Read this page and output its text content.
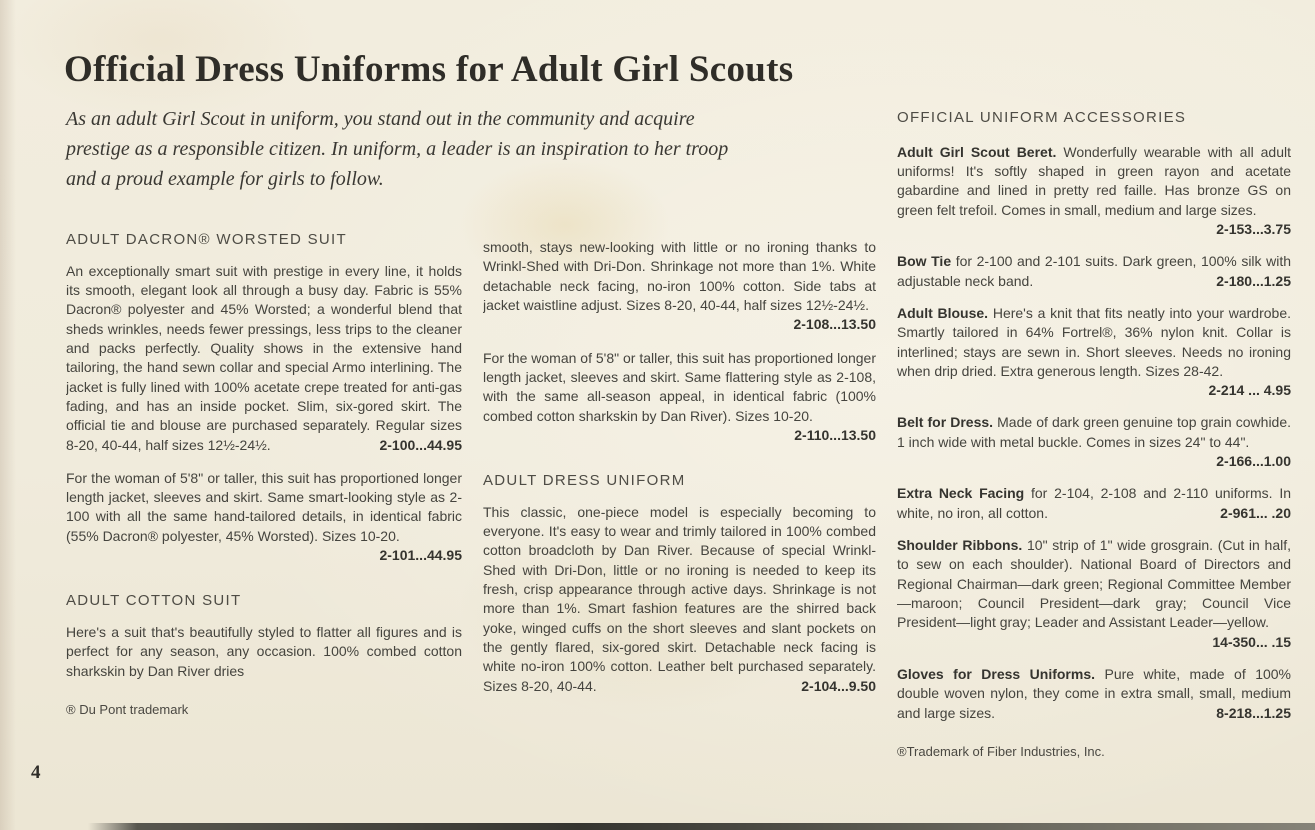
Official Dress Uniforms for Adult Girl Scouts

As an adult Girl Scout in uniform, you stand out in the community and acquire prestige as a responsible citizen. In uniform, a leader is an inspiration to her troop and a proud example for girls to follow.

ADULT DACRON® WORSTED SUIT

An exceptionally smart suit with prestige in every line, it holds its smooth, elegant look all through a busy day. Fabric is 55% Dacron® polyester and 45% Worsted; a wonderful blend that sheds wrinkles, needs fewer pressings, less trips to the cleaner and packs perfectly. Quality shows in the extensive hand tailoring, the hand sewn collar and special Armo interlining. The jacket is fully lined with 100% acetate crepe treated for anti-gas fading, and has an inside pocket. Slim, six-gored skirt. The official tie and blouse are purchased separately. Regular sizes 8-20, 40-44, half sizes 12½-24½.	2-100...44.95

For the woman of 5'8" or taller, this suit has proportioned longer length jacket, sleeves and skirt. Same smart-looking style as 2-100 with all the same hand-tailored details, in identical fabric (55% Dacron® polyester, 45% Worsted). Sizes 10-20.
2-101...44.95

ADULT COTTON SUIT

Here's a suit that's beautifully styled to flatter all figures and is perfect for any season, any occasion. 100% combed cotton sharkskin by Dan River dries

® Du Pont trademark

smooth, stays new-looking with little or no ironing thanks to Wrinkl-Shed with Dri-Don. Shrinkage not more than 1%. White detachable neck facing, no-iron 100% cotton. Side tabs at jacket waistline adjust. Sizes 8-20, 40-44, half sizes 12½-24½.
2-108...13.50

For the woman of 5'8" or taller, this suit has proportioned longer length jacket, sleeves and skirt. Same flattering style as 2-108, with the same all-season appeal, in identical fabric (100% combed cotton sharkskin by Dan River). Sizes 10-20.
2-110...13.50

ADULT DRESS UNIFORM

This classic, one-piece model is especially becoming to everyone. It's easy to wear and trimly tailored in 100% combed cotton broadcloth by Dan River. Because of special Wrinkl-Shed with Dri-Don, little or no ironing is needed to keep its fresh, crisp appearance through active days. Shrinkage is not more than 1%. Smart fashion features are the shirred back yoke, winged cuffs on the short sleeves and slant pockets on the gently flared, six-gored skirt. Detachable neck facing is white no-iron 100% cotton. Leather belt purchased separately. Sizes 8-20, 40-44.	2-104...9.50

OFFICIAL UNIFORM ACCESSORIES

Adult Girl Scout Beret. Wonderfully wearable with all adult uniforms! It's softly shaped in green rayon and acetate gabardine and lined in pretty red faille. Has bronze GS on green felt trefoil. Comes in small, medium and large sizes.
2-153...3.75

Bow Tie for 2-100 and 2-101 suits. Dark green, 100% silk with adjustable neck band.	2-180...1.25

Adult Blouse. Here's a knit that fits neatly into your wardrobe. Smartly tailored in 64% Fortrel®, 36% nylon knit. Collar is interlined; stays are sewn in. Short sleeves. Needs no ironing when drip dried. Extra generous length. Sizes 28-42.
2-214 ... 4.95

Belt for Dress. Made of dark green genuine top grain cowhide. 1 inch wide with metal buckle. Comes in sizes 24" to 44".
2-166...1.00

Extra Neck Facing for 2-104, 2-108 and 2-110 uniforms. In white, no iron, all cotton.	2-961... .20

Shoulder Ribbons. 10" strip of 1" wide grosgrain. (Cut in half, to sew on each shoulder). National Board of Directors and Regional Chairman—dark green; Regional Committee Member—maroon; Council President—dark gray; Council Vice President—light gray; Leader and Assistant Leader—yellow.
14-350... .15

Gloves for Dress Uniforms. Pure white, made of 100% double woven nylon, they come in extra small, small, medium and large sizes.	8-218...1.25

®Trademark of Fiber Industries, Inc.

4
